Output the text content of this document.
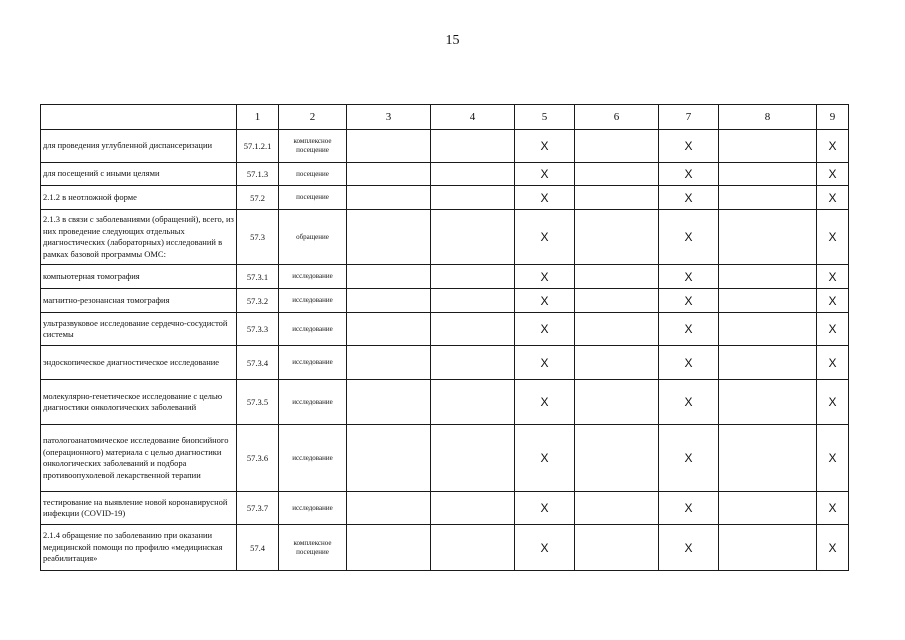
15
	1	2	3	4	5	6	7	8	9
для проведения углубленной диспансеризации	57.1.2.1	комплексное посещение			X		X		X
для посещений с иными целями	57.1.3	посещение			X		X		X
2.1.2 в неотложной форме	57.2	посещение			X		X		X
2.1.3 в связи с заболеваниями (обращений), всего, из них проведение следующих отдельных диагностических (лабораторных) исследований в рамках базовой программы ОМС:	57.3	обращение			X		X		X
компьютерная томография	57.3.1	исследование			X		X		X
магнитно-резонансная томография	57.3.2	исследование			X		X		X
ультразвуковое исследование сердечно-сосудистой системы	57.3.3	исследование			X		X		X
эндоскопическое диагностическое исследование	57.3.4	исследование			X		X		X
молекулярно-генетическое исследование с целью диагностики онкологических заболеваний	57.3.5	исследование			X		X		X
патологоанатомическое исследование биопсийного (операционного) материала с целью диагностики онкологических заболеваний и подбора противоопухолевой лекарственной терапии	57.3.6	исследование			X		X		X
тестирование на выявление новой коронавирусной инфекции (COVID-19)	57.3.7	исследование			X		X		X
2.1.4 обращение по заболеванию при оказании медицинской помощи по профилю «медицинская реабилитация»	57.4	комплексное посещение			X		X		X
